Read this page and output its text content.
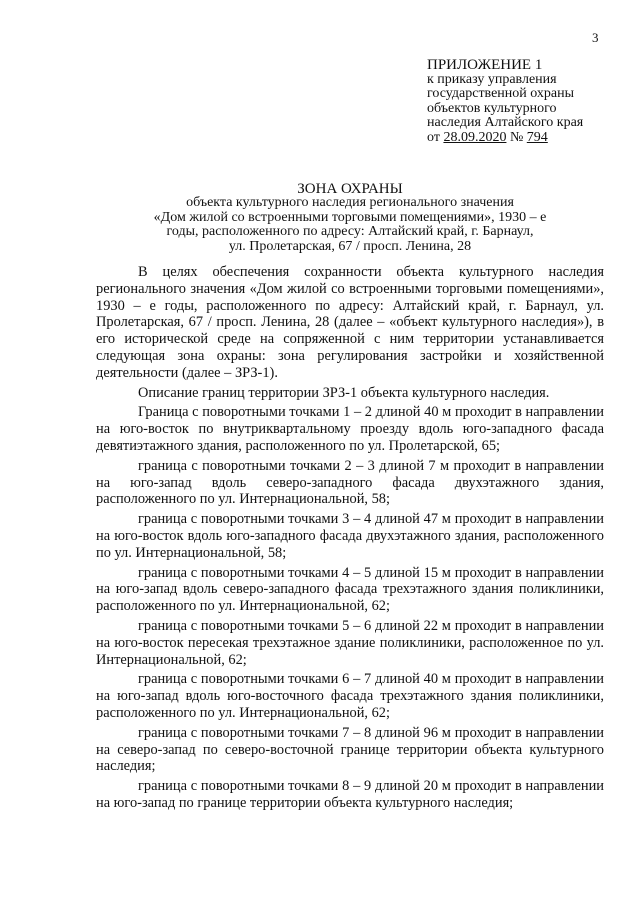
3
ПРИЛОЖЕНИЕ 1
к приказу управления
государственной охраны
объектов культурного
наследия Алтайского края
от 28.09.2020 № 794
ЗОНА ОХРАНЫ
объекта культурного наследия регионального значения
«Дом жилой со встроенными торговыми помещениями», 1930 – е
годы, расположенного по адресу: Алтайский край, г. Барнаул,
ул. Пролетарская, 67 / просп. Ленина, 28

В целях обеспечения сохранности объекта культурного наследия регионального значения «Дом жилой со встроенными торговыми помещениями», 1930 – е годы, расположенного по адресу: Алтайский край, г. Барнаул, ул. Пролетарская, 67 / просп. Ленина, 28 (далее – «объект культурного наследия»), в его исторической среде на сопряженной с ним территории устанавливается следующая зона охраны: зона регулирования застройки и хозяйственной деятельности (далее – ЗРЗ-1).

Описание границ территории ЗРЗ-1 объекта культурного наследия.

Граница с поворотными точками 1 – 2 длиной 40 м проходит в направлении на юго-восток по внутриквартальному проезду вдоль юго-западного фасада девятиэтажного здания, расположенного по ул. Пролетарской, 65;

граница с поворотными точками 2 – 3 длиной 7 м проходит в направлении на юго-запад вдоль северо-западного фасада двухэтажного здания, расположенного по ул. Интернациональной, 58;

граница с поворотными точками 3 – 4 длиной 47 м проходит в направлении на юго-восток вдоль юго-западного фасада двухэтажного здания, расположенного по ул. Интернациональной, 58;

граница с поворотными точками 4 – 5 длиной 15 м проходит в направлении на юго-запад вдоль северо-западного фасада трехэтажного здания поликлиники, расположенного по ул. Интернациональной, 62;

граница с поворотными точками 5 – 6 длиной 22 м проходит в направлении на юго-восток пересекая трехэтажное здание поликлиники, расположенное по ул. Интернациональной, 62;

граница с поворотными точками 6 – 7 длиной 40 м проходит в направлении на юго-запад вдоль юго-восточного фасада трехэтажного здания поликлиники, расположенного по ул. Интернациональной, 62;

граница с поворотными точками 7 – 8 длиной 96 м проходит в направлении на северо-запад по северо-восточной границе территории объекта культурного наследия;

граница с поворотными точками 8 – 9 длиной 20 м проходит в направлении на юго-запад по границе территории объекта культурного наследия;
